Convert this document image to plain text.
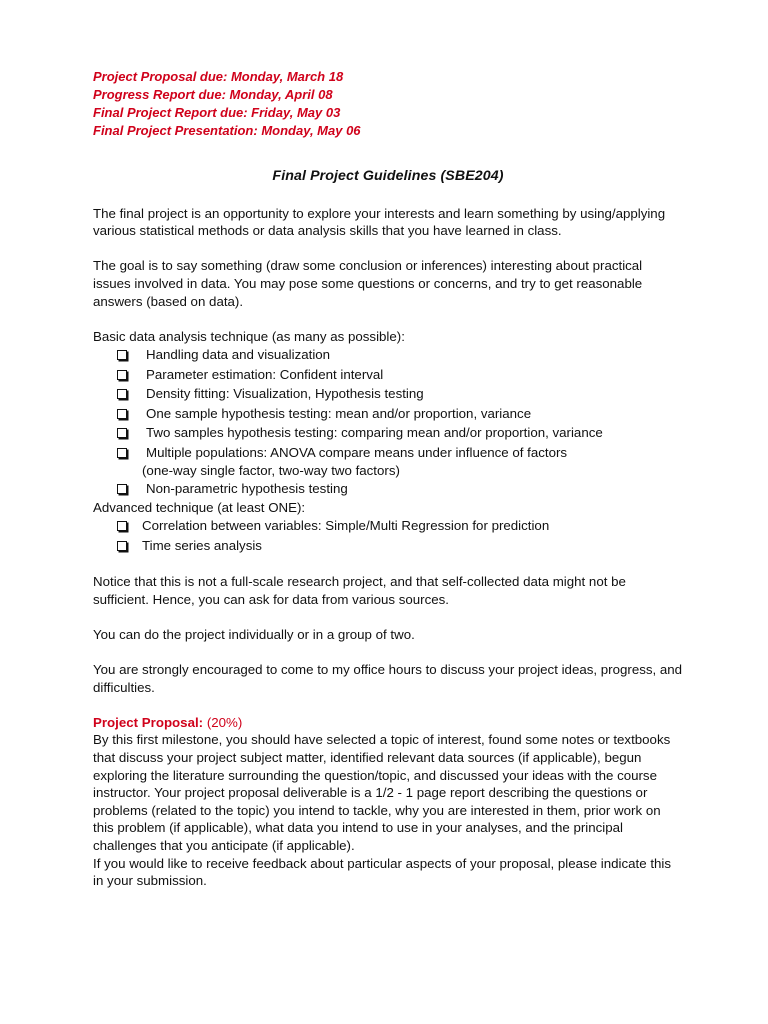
Project Proposal due: Monday, March 18
Progress Report due: Monday, April 08
Final Project Report due: Friday, May 03
Final Project Presentation: Monday, May 06
Final Project Guidelines (SBE204)

The final project is an opportunity to explore your interests and learn something by using/applying various statistical methods or data analysis skills that you have learned in class.

The goal is to say something (draw some conclusion or inferences) interesting about practical issues involved in data. You may pose some questions or concerns, and try to get reasonable answers (based on data).

Basic data analysis technique (as many as possible):

Handling data and visualization
Parameter estimation: Confident interval
Density fitting: Visualization, Hypothesis testing
One sample hypothesis testing: mean and/or proportion, variance
Two samples hypothesis testing: comparing mean and/or proportion, variance
Multiple populations: ANOVA compare means under influence of factors
(one-way single factor, two-way two factors)
Non-parametric hypothesis testing

Advanced technique (at least ONE):

Correlation between variables: Simple/Multi Regression for prediction
Time series analysis

Notice that this is not a full-scale research project, and that self-collected data might not be sufficient. Hence, you can ask for data from various sources.

You can do the project individually or in a group of two.

You are strongly encouraged to come to my office hours to discuss your project ideas, progress, and difficulties.

Project Proposal: (20%)

By this first milestone, you should have selected a topic of interest, found some notes or textbooks that discuss your project subject matter, identified relevant data sources (if applicable), begun exploring the literature surrounding the question/topic, and discussed your ideas with the course instructor. Your project proposal deliverable is a 1/2 - 1 page report describing the questions or problems (related to the topic) you intend to tackle, why you are interested in them, prior work on this problem (if applicable), what data you intend to use in your analyses, and the principal challenges that you anticipate (if applicable).

If you would like to receive feedback about particular aspects of your proposal, please indicate this in your submission.
